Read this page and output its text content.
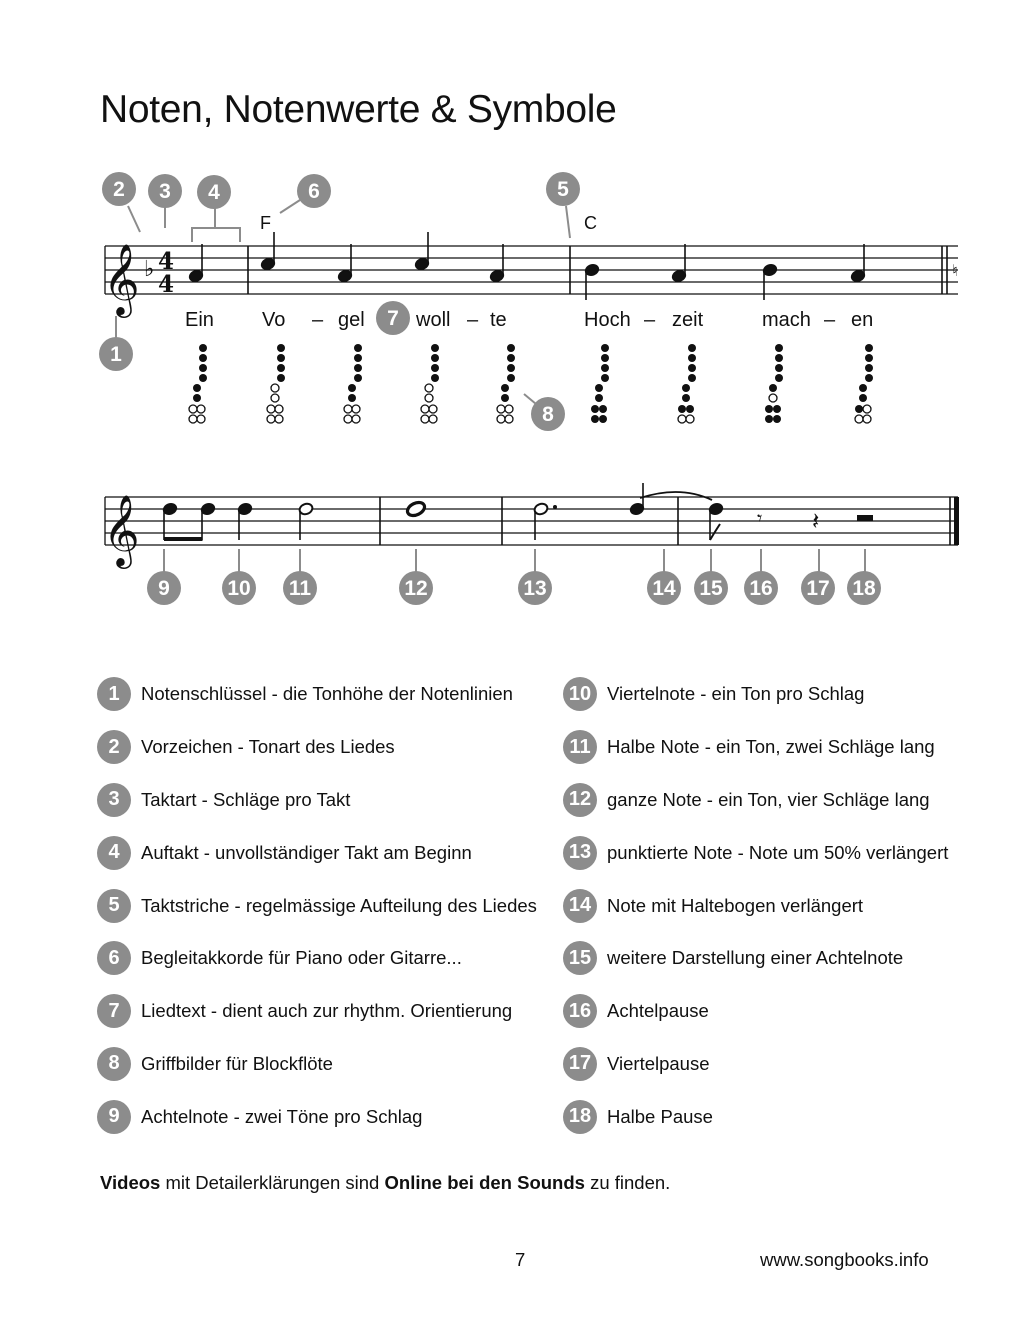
Noten, Notenwerte & Symbole
𝄞 ♭ 4
4
♮
F	C
Ein Vo – gel	woll – te	Hoch – zeit	mach – en
𝄞	𝄾 𝄽
2 3 4	6	5
1
7
8
9	10 11	12	13	14 15 16 17 18
1	Notenschlüssel - die Tonhöhe der Notenlinien
2	Vorzeichen - Tonart des Liedes
3	Taktart - Schläge pro Takt
4	Auftakt - unvollständiger Takt am Beginn
5	Taktstriche - regelmässige Aufteilung des Liedes
6	Begleitakkorde für Piano oder Gitarre...
7	Liedtext - dient auch zur rhythm. Orientierung
8	Griffbilder für Blockflöte
9	Achtelnote - zwei Töne pro Schlag
10 Viertelnote - ein Ton pro Schlag
11 Halbe Note - ein Ton, zwei Schläge lang
12 ganze Note - ein Ton, vier Schläge lang
13 punktierte Note - Note um 50% verlängert
14 Note mit Haltebogen verlängert
15 weitere Darstellung einer Achtelnote
16 Achtelpause
17 Viertelpause
18 Halbe Pause
Videos mit Detailerklärungen sind Online bei den Sounds zu finden.
7	www.songbooks.info
